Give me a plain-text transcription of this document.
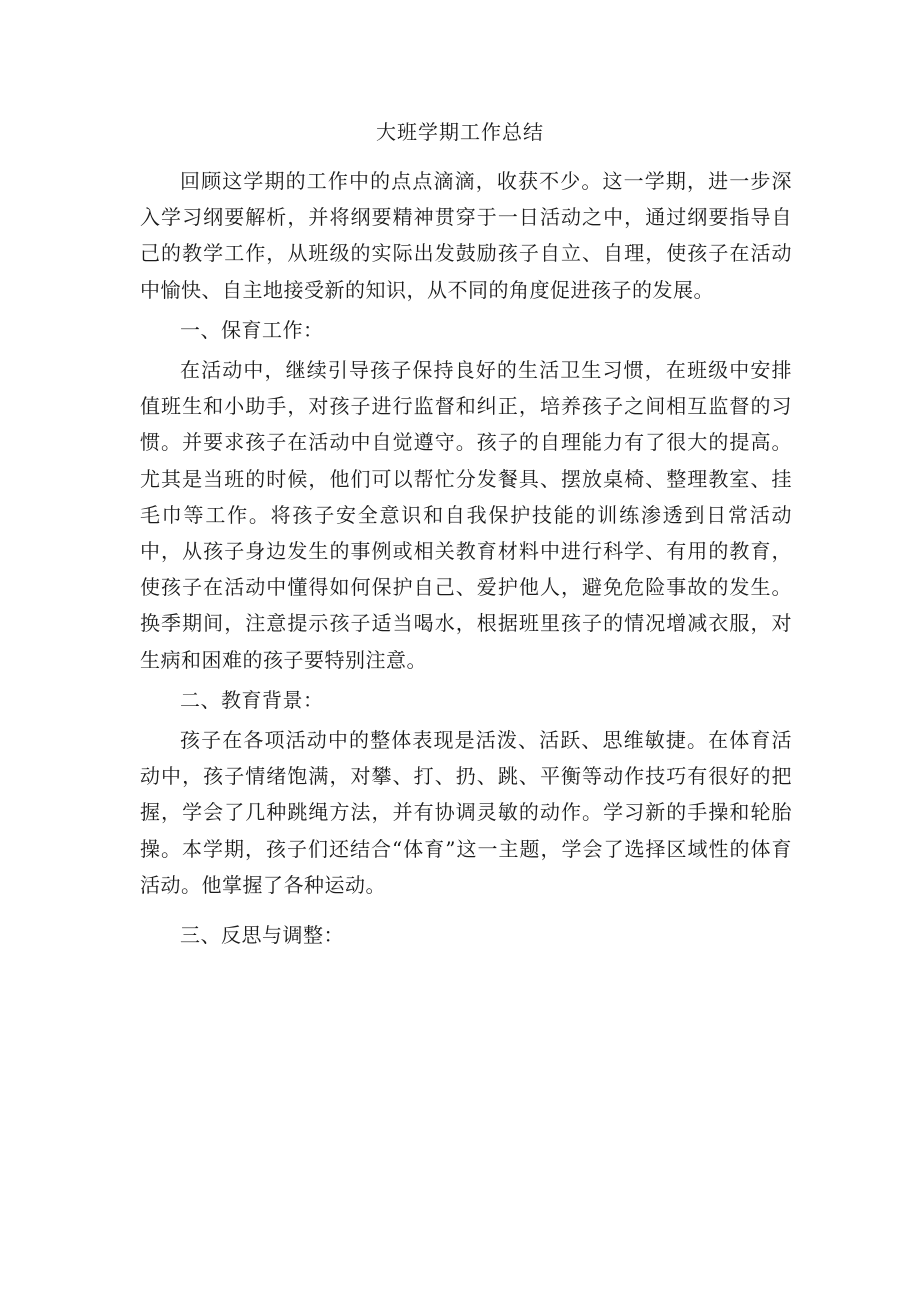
大班学期工作总结

回顾这学期的工作中的点点滴滴，收获不少。这一学期，进一步深入学习纲要解析，并将纲要精神贯穿于一日活动之中，通过纲要指导自己的教学工作，从班级的实际出发鼓励孩子自立、自理，使孩子在活动中愉快、自主地接受新的知识，从不同的角度促进孩子的发展。

一、保育工作：

在活动中，继续引导孩子保持良好的生活卫生习惯，在班级中安排值班生和小助手，对孩子进行监督和纠正，培养孩子之间相互监督的习惯。并要求孩子在活动中自觉遵守。孩子的自理能力有了很大的提高。尤其是当班的时候，他们可以帮忙分发餐具、摆放桌椅、整理教室、挂毛巾等工作。将孩子安全意识和自我保护技能的训练渗透到日常活动中，从孩子身边发生的事例或相关教育材料中进行科学、有用的教育，使孩子在活动中懂得如何保护自己、爱护他人，避免危险事故的发生。换季期间，注意提示孩子适当喝水，根据班里孩子的情况增减衣服，对生病和困难的孩子要特别注意。

二、教育背景：

孩子在各项活动中的整体表现是活泼、活跃、思维敏捷。在体育活动中，孩子情绪饱满，对攀、打、扔、跳、平衡等动作技巧有很好的把握，学会了几种跳绳方法，并有协调灵敏的动作。学习新的手操和轮胎操。本学期，孩子们还结合“体育”这一主题，学会了选择区域性的体育活动。他掌握了各种运动。

三、反思与调整：
